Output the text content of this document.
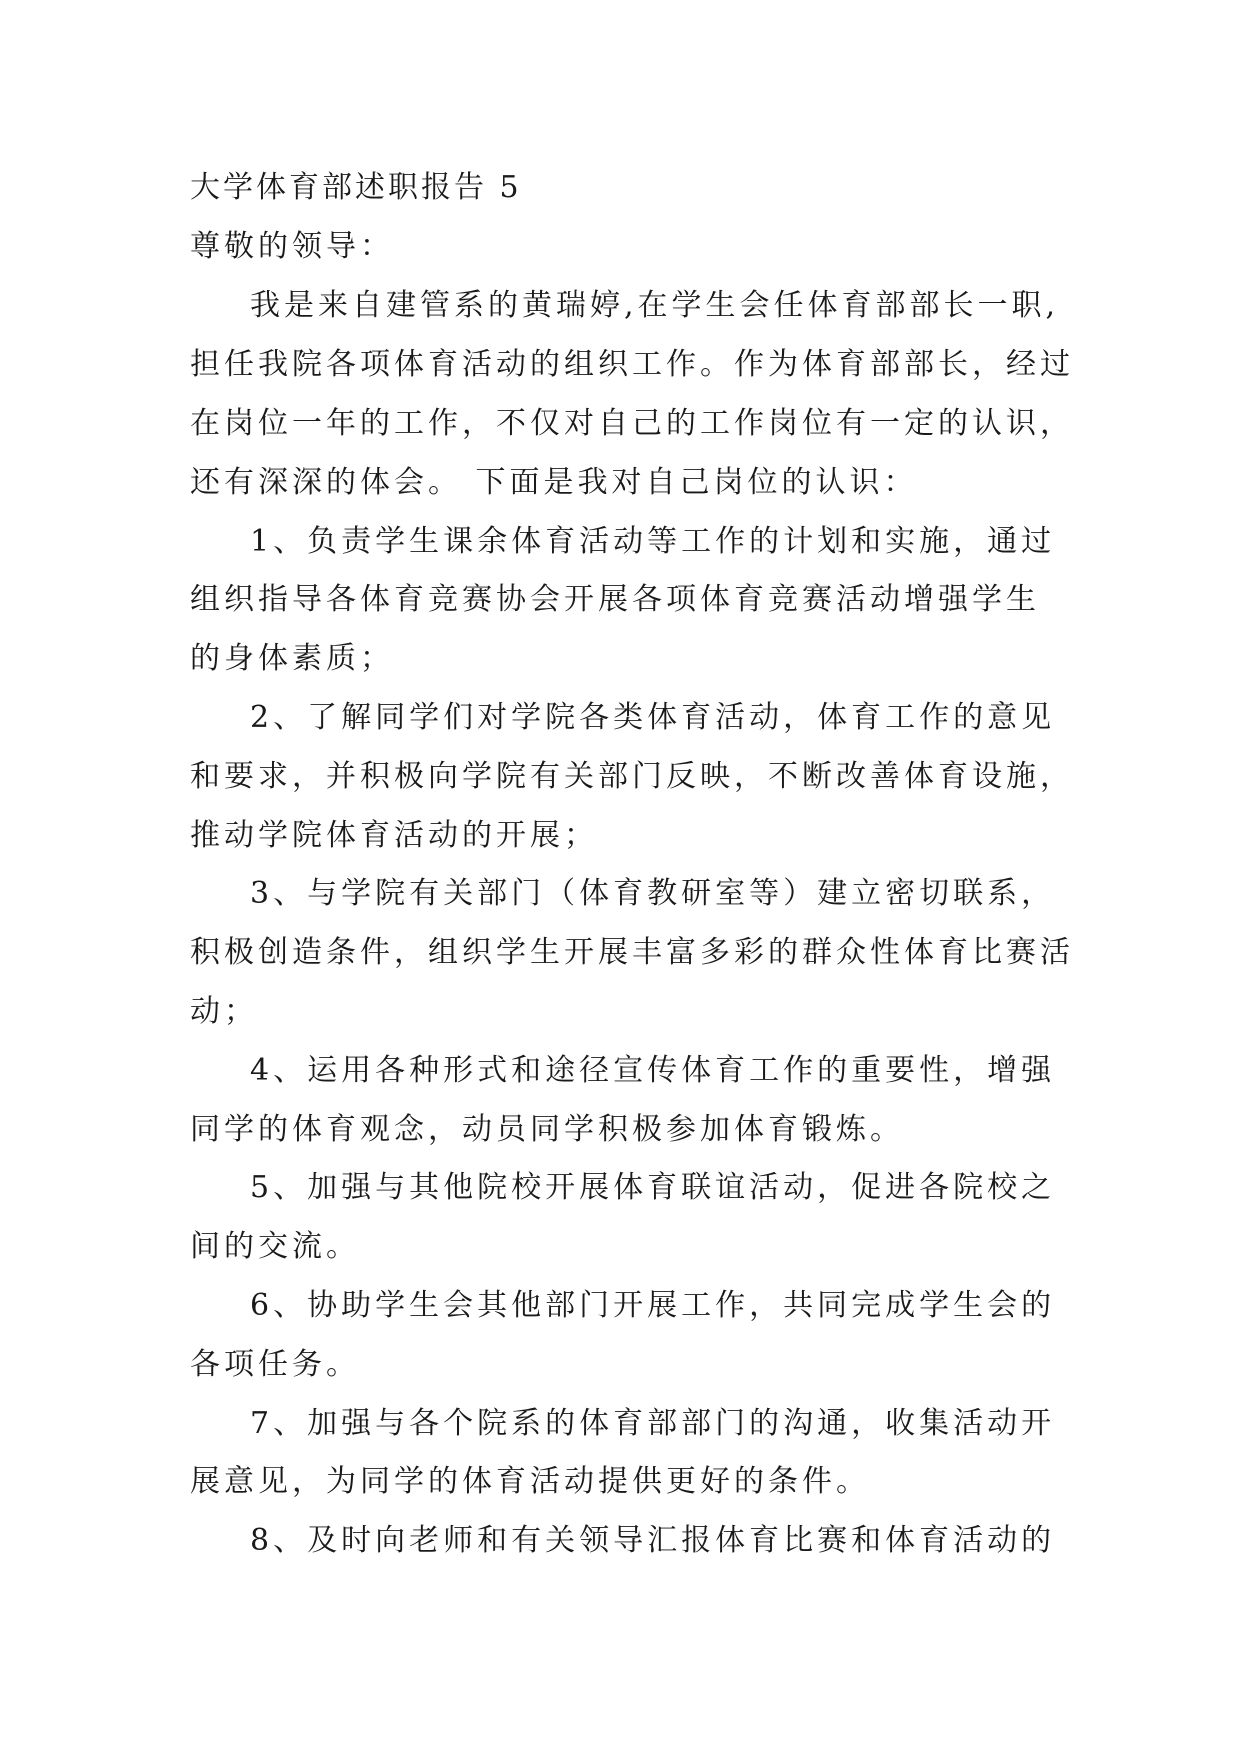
大学体育部述职报告 5
尊敬的领导：
我是来自建管系的黄瑞婷,在学生会任体育部部长一职,
担任我院各项体育活动的组织工作。作为体育部部长，经过
在岗位一年的工作，不仅对自己的工作岗位有一定的认识，
还有深深的体会。 下面是我对自己岗位的认识：
1、负责学生课余体育活动等工作的计划和实施，通过
组织指导各体育竞赛协会开展各项体育竞赛活动增强学生
的身体素质；
2、了解同学们对学院各类体育活动，体育工作的意见
和要求，并积极向学院有关部门反映，不断改善体育设施，
推动学院体育活动的开展；
3、与学院有关部门（体育教研室等）建立密切联系，
积极创造条件，组织学生开展丰富多彩的群众性体育比赛活
动；
4、运用各种形式和途径宣传体育工作的重要性，增强
同学的体育观念，动员同学积极参加体育锻炼。
5、加强与其他院校开展体育联谊活动，促进各院校之
间的交流。
6、协助学生会其他部门开展工作，共同完成学生会的
各项任务。
7、加强与各个院系的体育部部门的沟通，收集活动开
展意见，为同学的体育活动提供更好的条件。
8、及时向老师和有关领导汇报体育比赛和体育活动的
